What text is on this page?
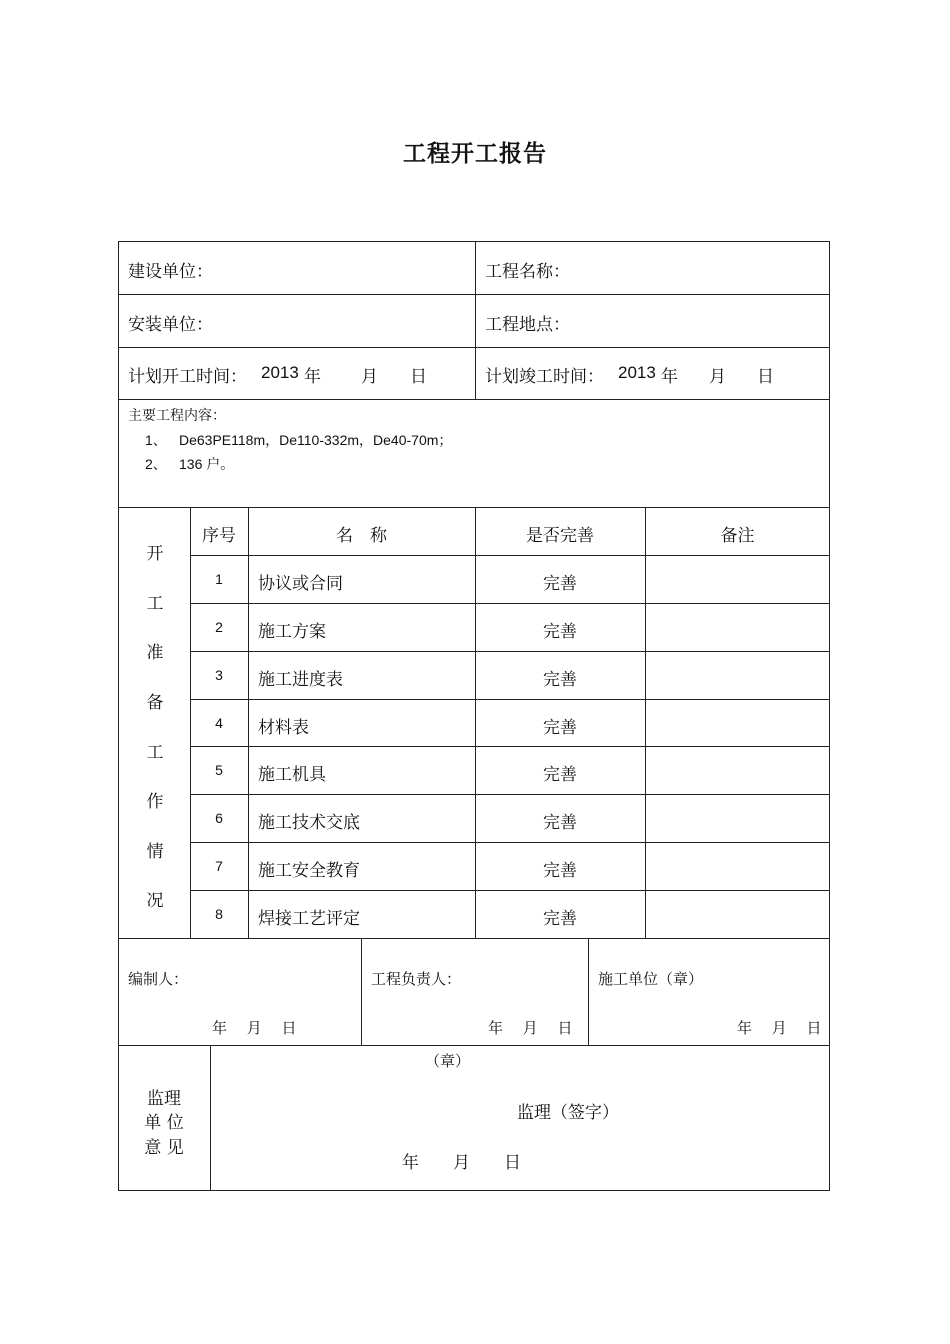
工程开工报告
建设单位：	工程名称：
安装单位：	工程地点：
计划开工时间： 2013 年 月 日	计划竣工时间： 2013 年 月 日
主要工程内容：
1、 De63PE118m，De110-332m，De40-70m；
2、 136 户。
开
工
准
备
工
作
情
况
序号	名　称	是否完善	备注
1	协议或合同	完善
2	施工方案	完善
3	施工进度表	完善
4	材料表	完善
5	施工机具	完善
6	施工技术交底	完善
7	施工安全教育	完善
8	焊接工艺评定	完善
编制人：
年　 月　 日
工程负责人：
年　 月　 日
施工单位（章）
年　 月　 日
监理
单 位
意 见
（章）
监理（签字）
年　　月　　日
